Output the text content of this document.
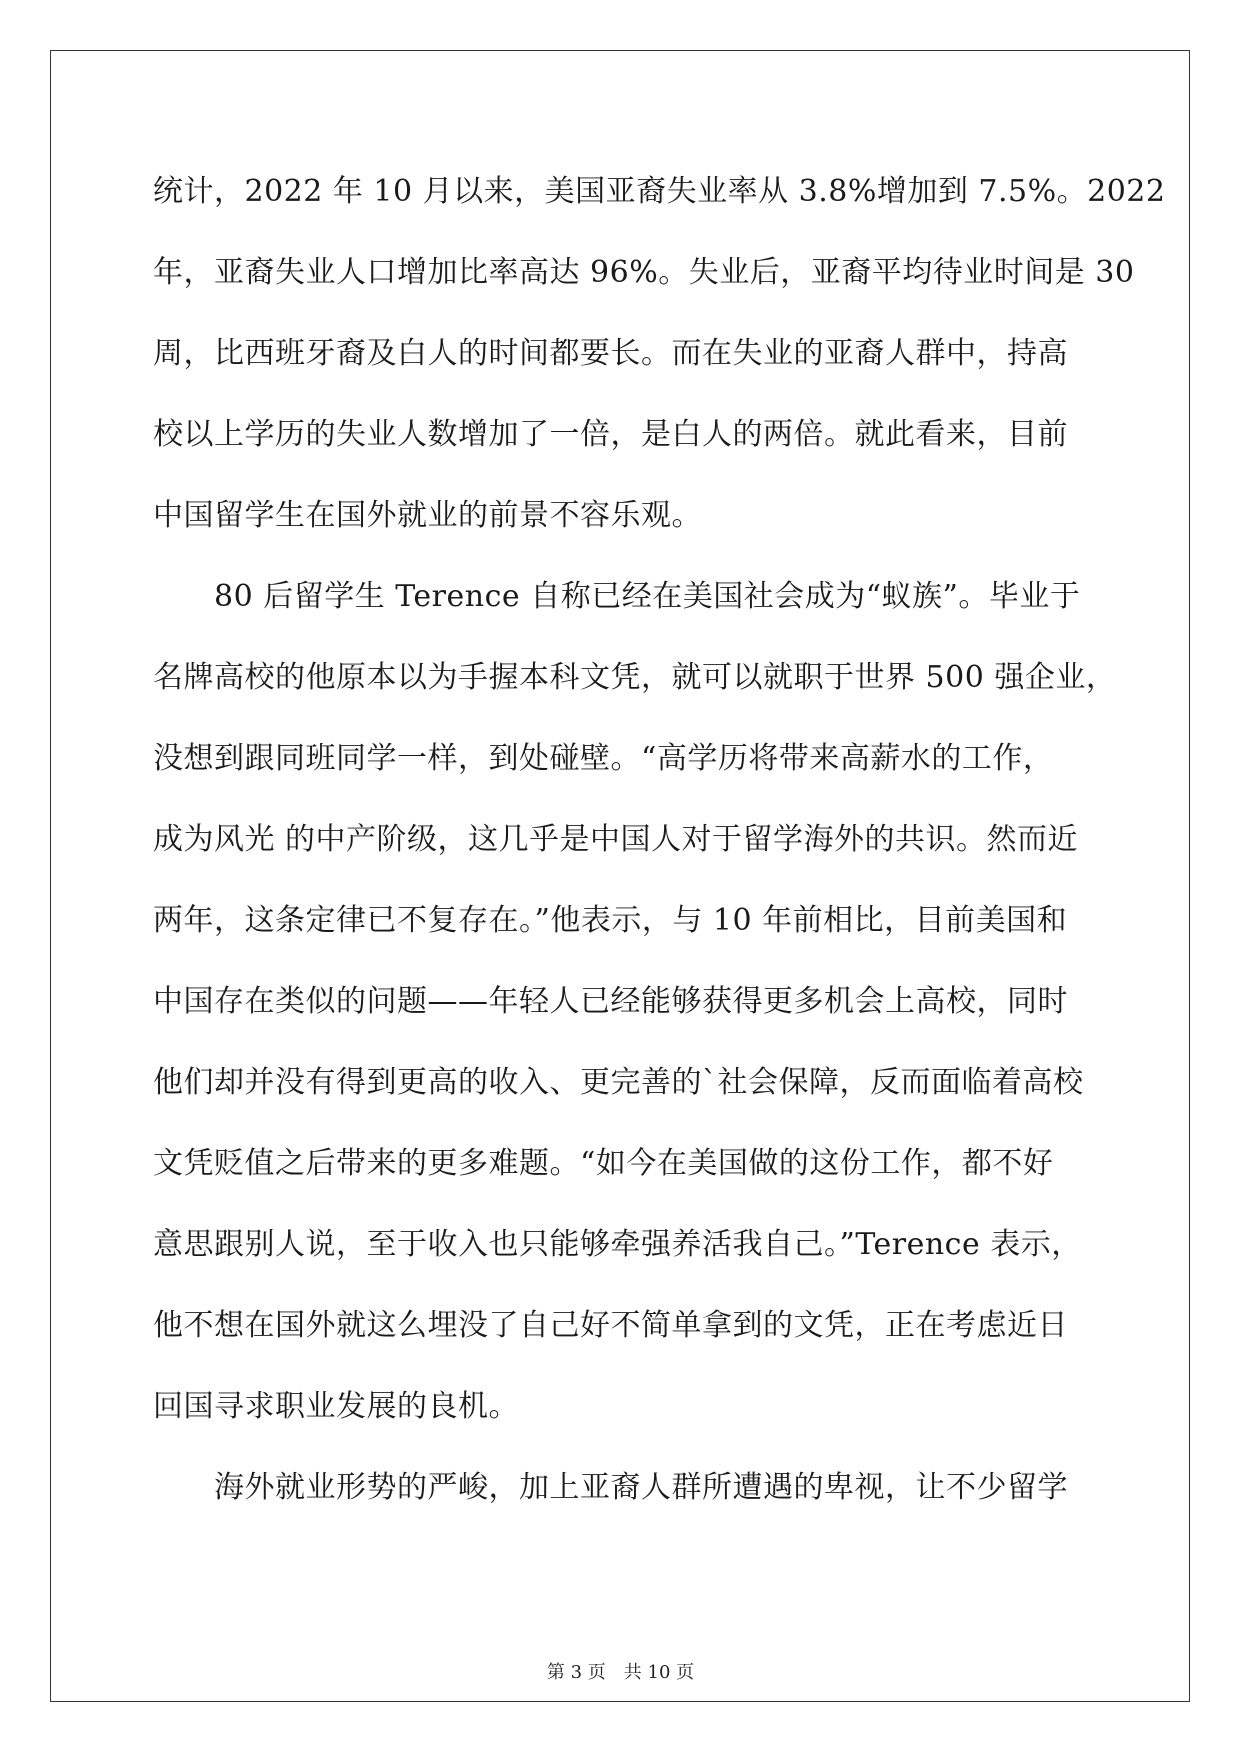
统计，2022 年 10 月以来，美国亚裔失业率从 3.8%增加到 7.5%。2022
年，亚裔失业人口增加比率高达 96%。失业后，亚裔平均待业时间是 30
周，比西班牙裔及白人的时间都要长。而在失业的亚裔人群中，持高
校以上学历的失业人数增加了一倍，是白人的两倍。就此看来，目前
中国留学生在国外就业的前景不容乐观。
　　80 后留学生 Terence 自称已经在美国社会成为“蚁族”。毕业于
名牌高校的他原本以为手握本科文凭，就可以就职于世界 500 强企业，
没想到跟同班同学一样，到处碰壁。“高学历将带来高薪水的工作，
成为风光 的中产阶级，这几乎是中国人对于留学海外的共识。然而近
两年，这条定律已不复存在。”他表示，与 10 年前相比，目前美国和
中国存在类似的问题——年轻人已经能够获得更多机会上高校，同时
他们却并没有得到更高的收入、更完善的`社会保障，反而面临着高校
文凭贬值之后带来的更多难题。“如今在美国做的这份工作，都不好
意思跟别人说，至于收入也只能够牵强养活我自己。”Terence 表示，
他不想在国外就这么埋没了自己好不简单拿到的文凭，正在考虑近日
回国寻求职业发展的良机。
　　海外就业形势的严峻，加上亚裔人群所遭遇的卑视，让不少留学
第 3 页　共 10 页
